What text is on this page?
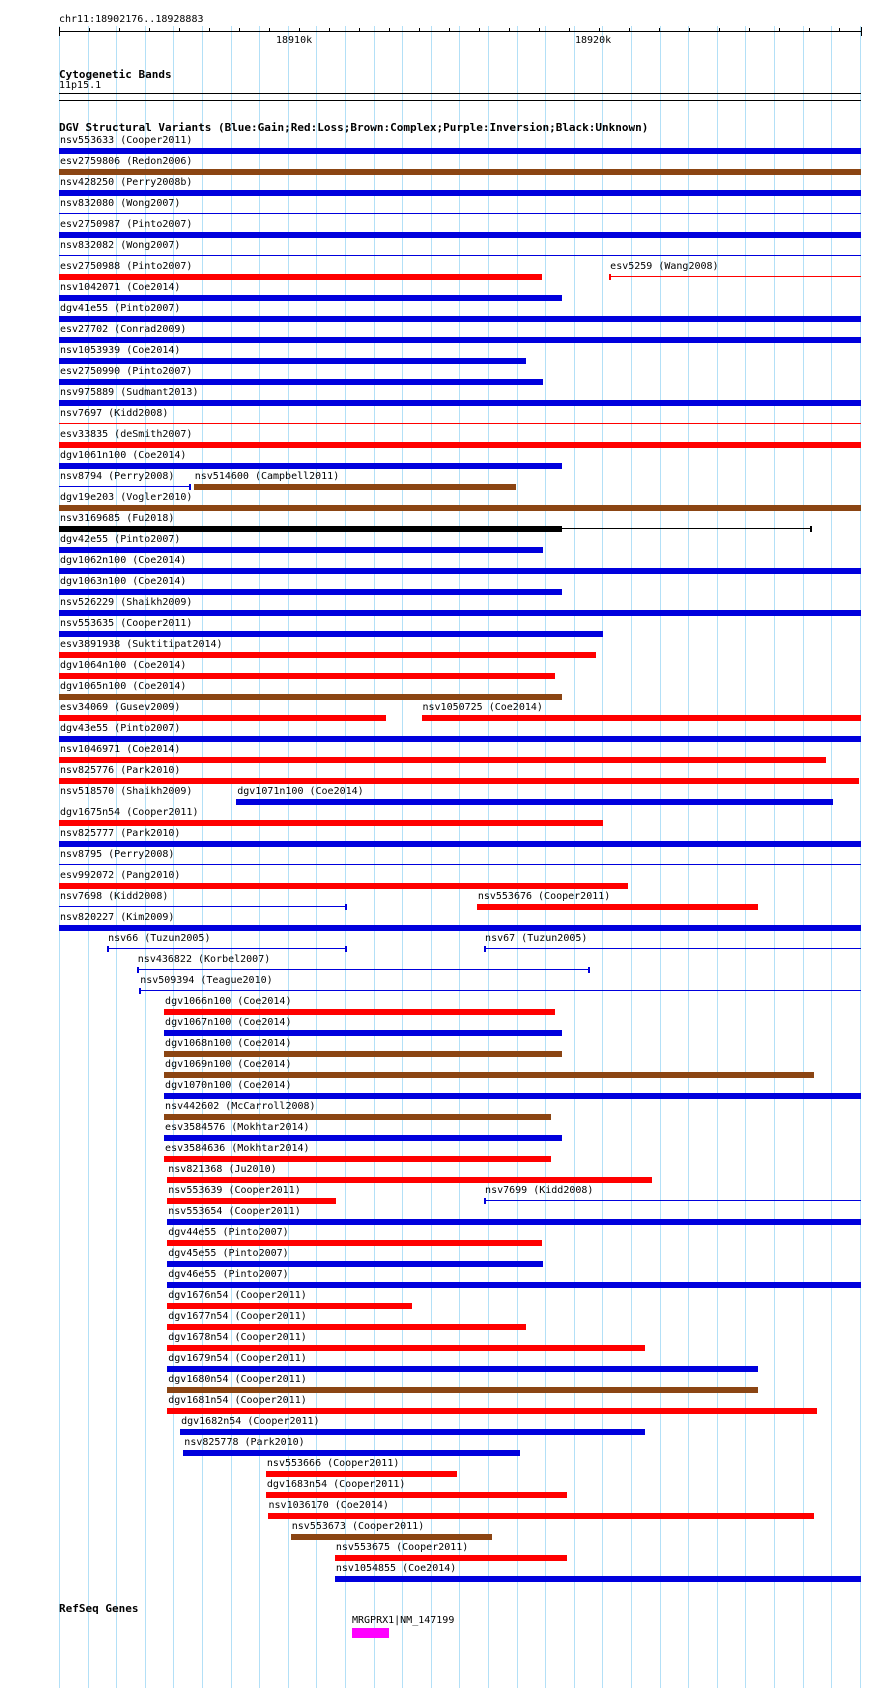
chr11:18902176..18928883
18910k	18920k
Cytogenetic Bands
11p15.1
DGV Structural Variants (Blue:Gain;Red:Loss;Brown:Complex;Purple:Inversion;Black:Unknown)
nsv553633 (Cooper2011)
esv2759806 (Redon2006)
nsv428250 (Perry2008b)
nsv832080 (Wong2007)
esv2750987 (Pinto2007)
nsv832082 (Wong2007)
esv2750988 (Pinto2007)	esv5259 (Wang2008)
nsv1042071 (Coe2014)
dgv41e55 (Pinto2007)
esv27702 (Conrad2009)
nsv1053939 (Coe2014)
esv2750990 (Pinto2007)
nsv975889 (Sudmant2013)
nsv7697 (Kidd2008)
esv33835 (deSmith2007)
dgv1061n100 (Coe2014)
nsv8794 (Perry2008) nsv514600 (Campbell2011)
dgv19e203 (Vogler2010)
nsv3169685 (Fu2018)
dgv42e55 (Pinto2007)
dgv1062n100 (Coe2014)
dgv1063n100 (Coe2014)
nsv526229 (Shaikh2009)
nsv553635 (Cooper2011)
esv3891938 (Suktitipat2014)
dgv1064n100 (Coe2014)
dgv1065n100 (Coe2014)
esv34069 (Gusev2009)	nsv1050725 (Coe2014)
dgv43e55 (Pinto2007)
nsv1046971 (Coe2014)
nsv825776 (Park2010)
nsv518570 (Shaikh2009)	dgv1071n100 (Coe2014)
dgv1675n54 (Cooper2011)
nsv825777 (Park2010)
nsv8795 (Perry2008)
esv992072 (Pang2010)
nsv7698 (Kidd2008)	nsv553676 (Cooper2011)
nsv820227 (Kim2009)
nsv66 (Tuzun2005)	nsv67 (Tuzun2005)
nsv436822 (Korbel2007)
nsv509394 (Teague2010)
dgv1066n100 (Coe2014)
dgv1067n100 (Coe2014)
dgv1068n100 (Coe2014)
dgv1069n100 (Coe2014)
dgv1070n100 (Coe2014)
nsv442602 (McCarroll2008)
esv3584576 (Mokhtar2014)
esv3584636 (Mokhtar2014)
nsv821368 (Ju2010)
nsv553639 (Cooper2011)	nsv7699 (Kidd2008)
nsv553654 (Cooper2011)
dgv44e55 (Pinto2007)
dgv45e55 (Pinto2007)
dgv46e55 (Pinto2007)
dgv1676n54 (Cooper2011)
dgv1677n54 (Cooper2011)
dgv1678n54 (Cooper2011)
dgv1679n54 (Cooper2011)
dgv1680n54 (Cooper2011)
dgv1681n54 (Cooper2011)
dgv1682n54 (Cooper2011)
nsv825778 (Park2010)
nsv553666 (Cooper2011)
dgv1683n54 (Cooper2011)
nsv1036170 (Coe2014)
nsv553673 (Cooper2011)
nsv553675 (Cooper2011)
nsv1054855 (Coe2014)
RefSeq Genes
MRGPRX1|NM_147199
